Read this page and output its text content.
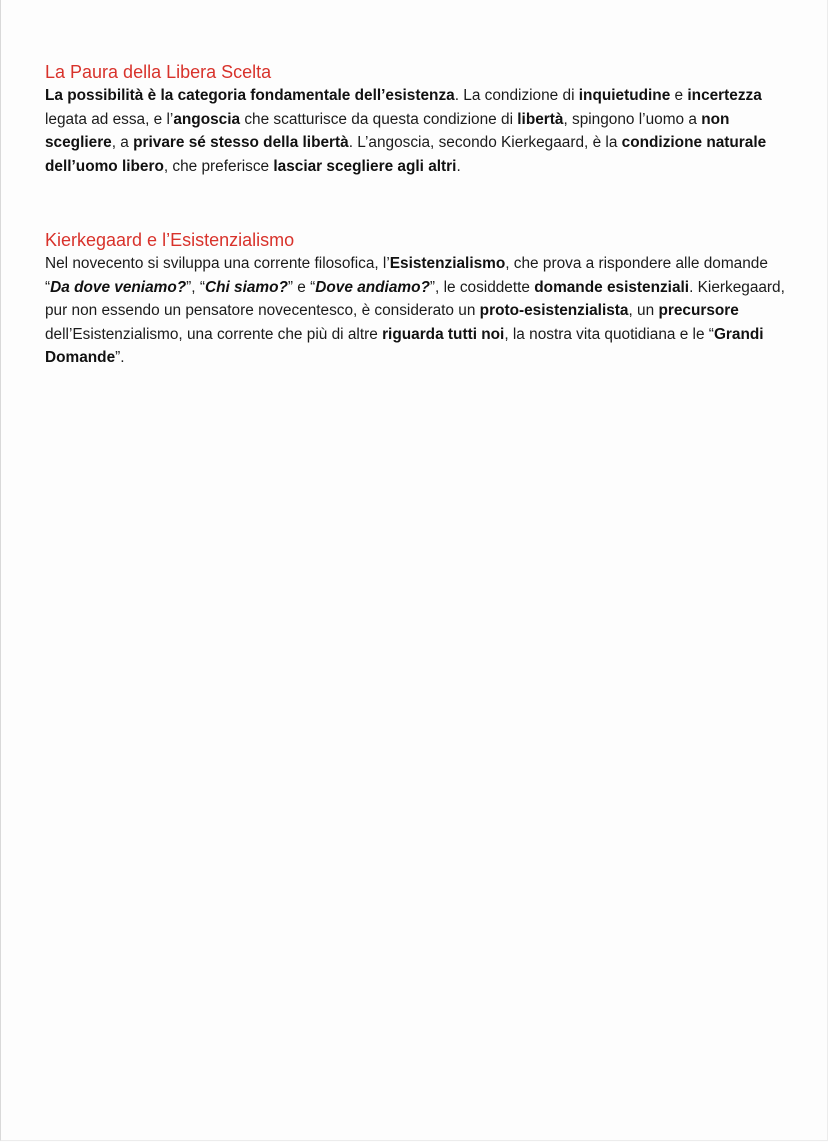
La Paura della Libera Scelta

La possibilità è la categoria fondamentale dell’esistenza. La condizione di inquietudine e incertezza legata ad essa, e l’angoscia che scatturisce da questa condizione di libertà, spingono l’uomo a non scegliere, a privare sé stesso della libertà. L’angoscia, secondo Kierkegaard, è la condizione naturale dell’uomo libero, che preferisce lasciar scegliere agli altri.

Kierkegaard e l’Esistenzialismo

Nel novecento si sviluppa una corrente filosofica, l’Esistenzialismo, che prova a rispondere alle domande “Da dove veniamo?”, “Chi siamo?” e “Dove andiamo?”, le cosiddette domande esistenziali. Kierkegaard, pur non essendo un pensatore novecentesco, è considerato un proto-esistenzialista, un precursore dell’Esistenzialismo, una corrente che più di altre riguarda tutti noi, la nostra vita quotidiana e le “Grandi Domande”.
